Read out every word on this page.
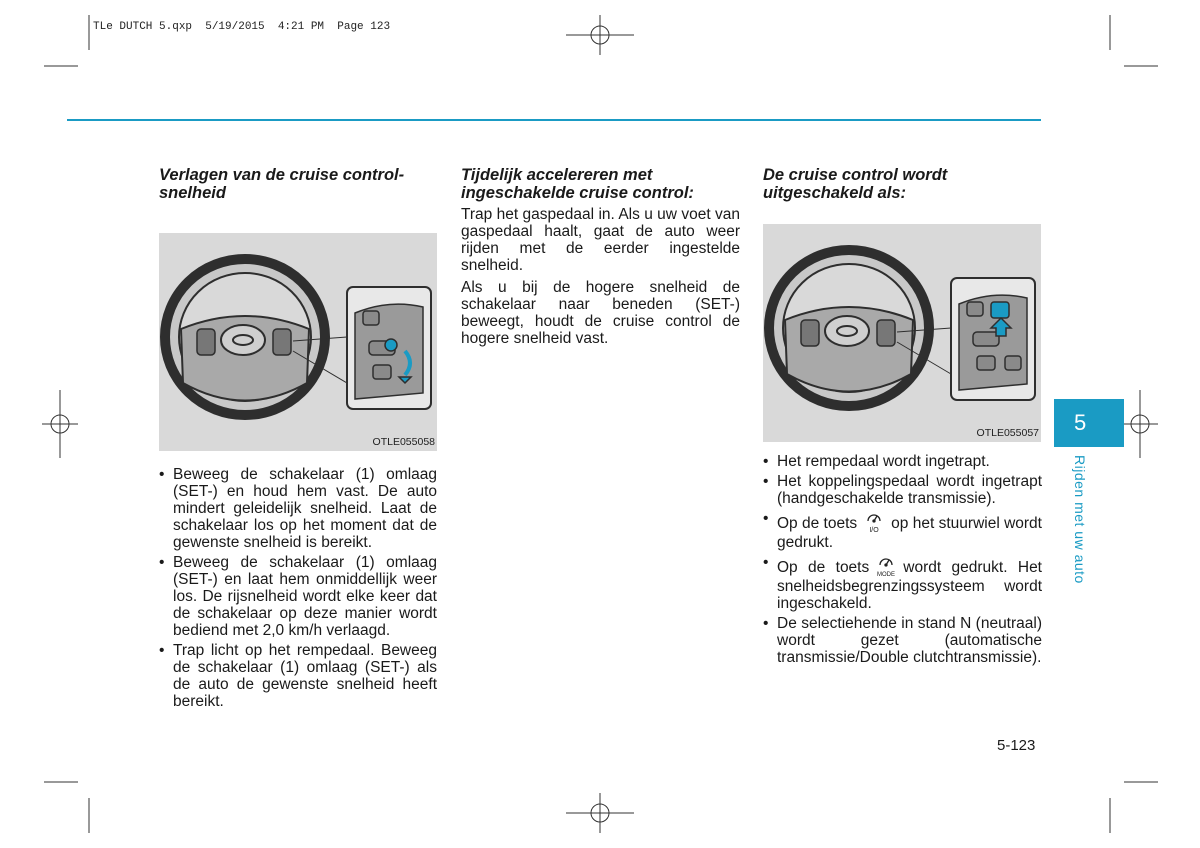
TLe DUTCH 5.qxp  5/19/2015  4:21 PM  Page 123
Verlagen van de cruise control-snelheid
OTLE055058
• Beweeg de schakelaar (1) omlaag (SET-) en houd hem vast. De auto mindert geleidelijk snelheid. Laat de schakelaar los op het moment dat de gewenste snelheid is bereikt.
• Beweeg de schakelaar (1) omlaag (SET-) en laat hem onmiddellijk weer los. De rijsnelheid wordt elke keer dat de schakelaar op deze manier wordt bediend met 2,0 km/h verlaagd.
• Trap licht op het rempedaal. Beweeg de schakelaar (1) omlaag (SET-) als de auto de gewenste snelheid heeft bereikt.
Tijdelijk accelereren met ingeschakelde cruise control:

Trap het gaspedaal in. Als u uw voet van gaspedaal haalt, gaat de auto weer rijden met de eerder ingestelde snelheid.

Als u bij de hogere snelheid de schakelaar naar beneden (SET-) beweegt, houdt de cruise control de hogere snelheid vast.

De cruise control wordt uitgeschakeld als:
OTLE055057
• Het rempedaal wordt ingetrapt.
• Het koppelingspedaal wordt ingetrapt (handgeschakelde transmissie).
• Op de toets I/O op het stuurwiel wordt gedrukt.
• Op de toets MODE wordt gedrukt. Het snelheidsbegrenzingssysteem wordt ingeschakeld.
• De selectiehende in stand N (neutraal) wordt gezet (automatische transmissie/Double clutchtransmissie).
5
Rijden met uw auto
5-123
